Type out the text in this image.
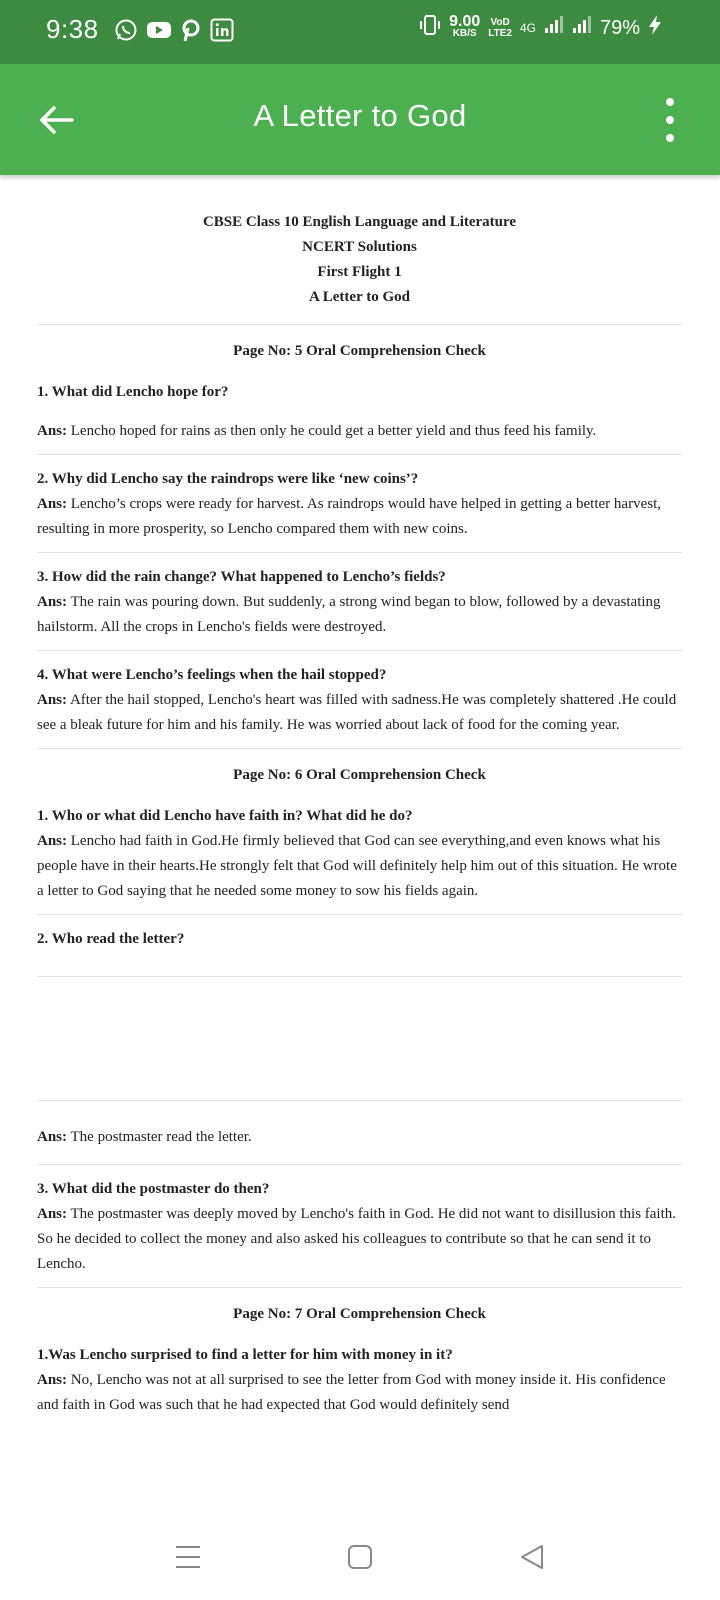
9:38	9.00
KB/S
VoD
LTE2 4G	79%
A Letter to God
CBSE Class 10 English Language and Literature
NCERT Solutions
First Flight 1
A Letter to God
Page No: 5 Oral Comprehension Check
1. What did Lencho hope for?
Ans: Lencho hoped for rains as then only he could get a better yield and thus feed his family.
2. Why did Lencho say the raindrops were like ‘new coins’?
Ans: Lencho’s crops were ready for harvest. As raindrops would have helped in getting a better harvest, resulting in more prosperity, so Lencho compared them with new coins.
3. How did the rain change? What happened to Lencho’s fields?
Ans: The rain was pouring down. But suddenly, a strong wind began to blow, followed by a devastating hailstorm. All the crops in Lencho's fields were destroyed.
4. What were Lencho’s feelings when the hail stopped?
Ans: After the hail stopped, Lencho's heart was filled with sadness.He was completely shattered .He could see a bleak future for him and his family. He was worried about lack of food for the coming year.
Page No: 6 Oral Comprehension Check
1. Who or what did Lencho have faith in? What did he do?
Ans: Lencho had faith in God.He firmly believed that God can see everything,and even knows what his people have in their hearts.He strongly felt that God will definitely help him out of this situation. He wrote a letter to God saying that he needed some money to sow his fields again.
2. Who read the letter?
Ans: The postmaster read the letter.
3. What did the postmaster do then?
Ans: The postmaster was deeply moved by Lencho's faith in God. He did not want to disillusion this faith. So he decided to collect the money and also asked his colleagues to contribute so that he can send it to Lencho.
Page No: 7 Oral Comprehension Check
1.Was Lencho surprised to find a letter for him with money in it?
Ans: No, Lencho was not at all surprised to see the letter from God with money inside it. His confidence and faith in God was such that he had expected that God would definitely send
